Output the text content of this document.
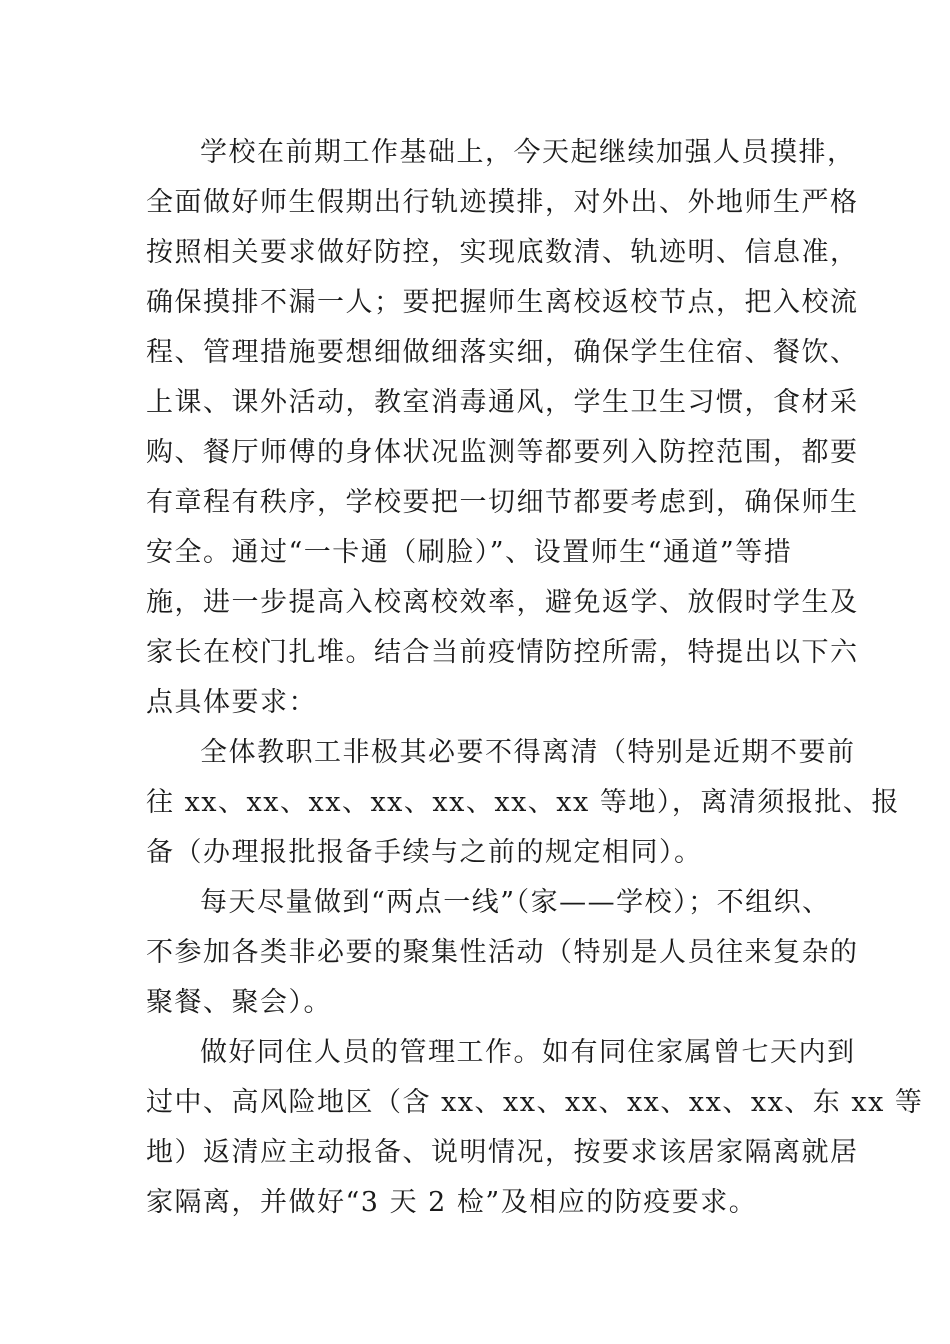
学校在前期工作基础上，今天起继续加强人员摸排，
全面做好师生假期出行轨迹摸排，对外出、外地师生严格
按照相关要求做好防控，实现底数清、轨迹明、信息准，
确保摸排不漏一人；要把握师生离校返校节点，把入校流
程、管理措施要想细做细落实细，确保学生住宿、餐饮、
上课、课外活动，教室消毒通风，学生卫生习惯，食材采
购、餐厅师傅的身体状况监测等都要列入防控范围，都要
有章程有秩序，学校要把一切细节都要考虑到，确保师生
安全。通过“一卡通（刷脸）”、设置师生“通道”等措
施，进一步提高入校离校效率，避免返学、放假时学生及
家长在校门扎堆。结合当前疫情防控所需，特提出以下六
点具体要求：
全体教职工非极其必要不得离清（特别是近期不要前
往 xx、xx、xx、xx、xx、xx、xx 等地），离清须报批、报
备（办理报批报备手续与之前的规定相同）。
每天尽量做到“两点一线”（家——学校）；不组织、
不参加各类非必要的聚集性活动（特别是人员往来复杂的
聚餐、聚会）。
做好同住人员的管理工作。如有同住家属曾七天内到
过中、高风险地区（含 xx、xx、xx、xx、xx、xx、东 xx 等
地）返清应主动报备、说明情况，按要求该居家隔离就居
家隔离，并做好“3 天 2 检”及相应的防疫要求。
